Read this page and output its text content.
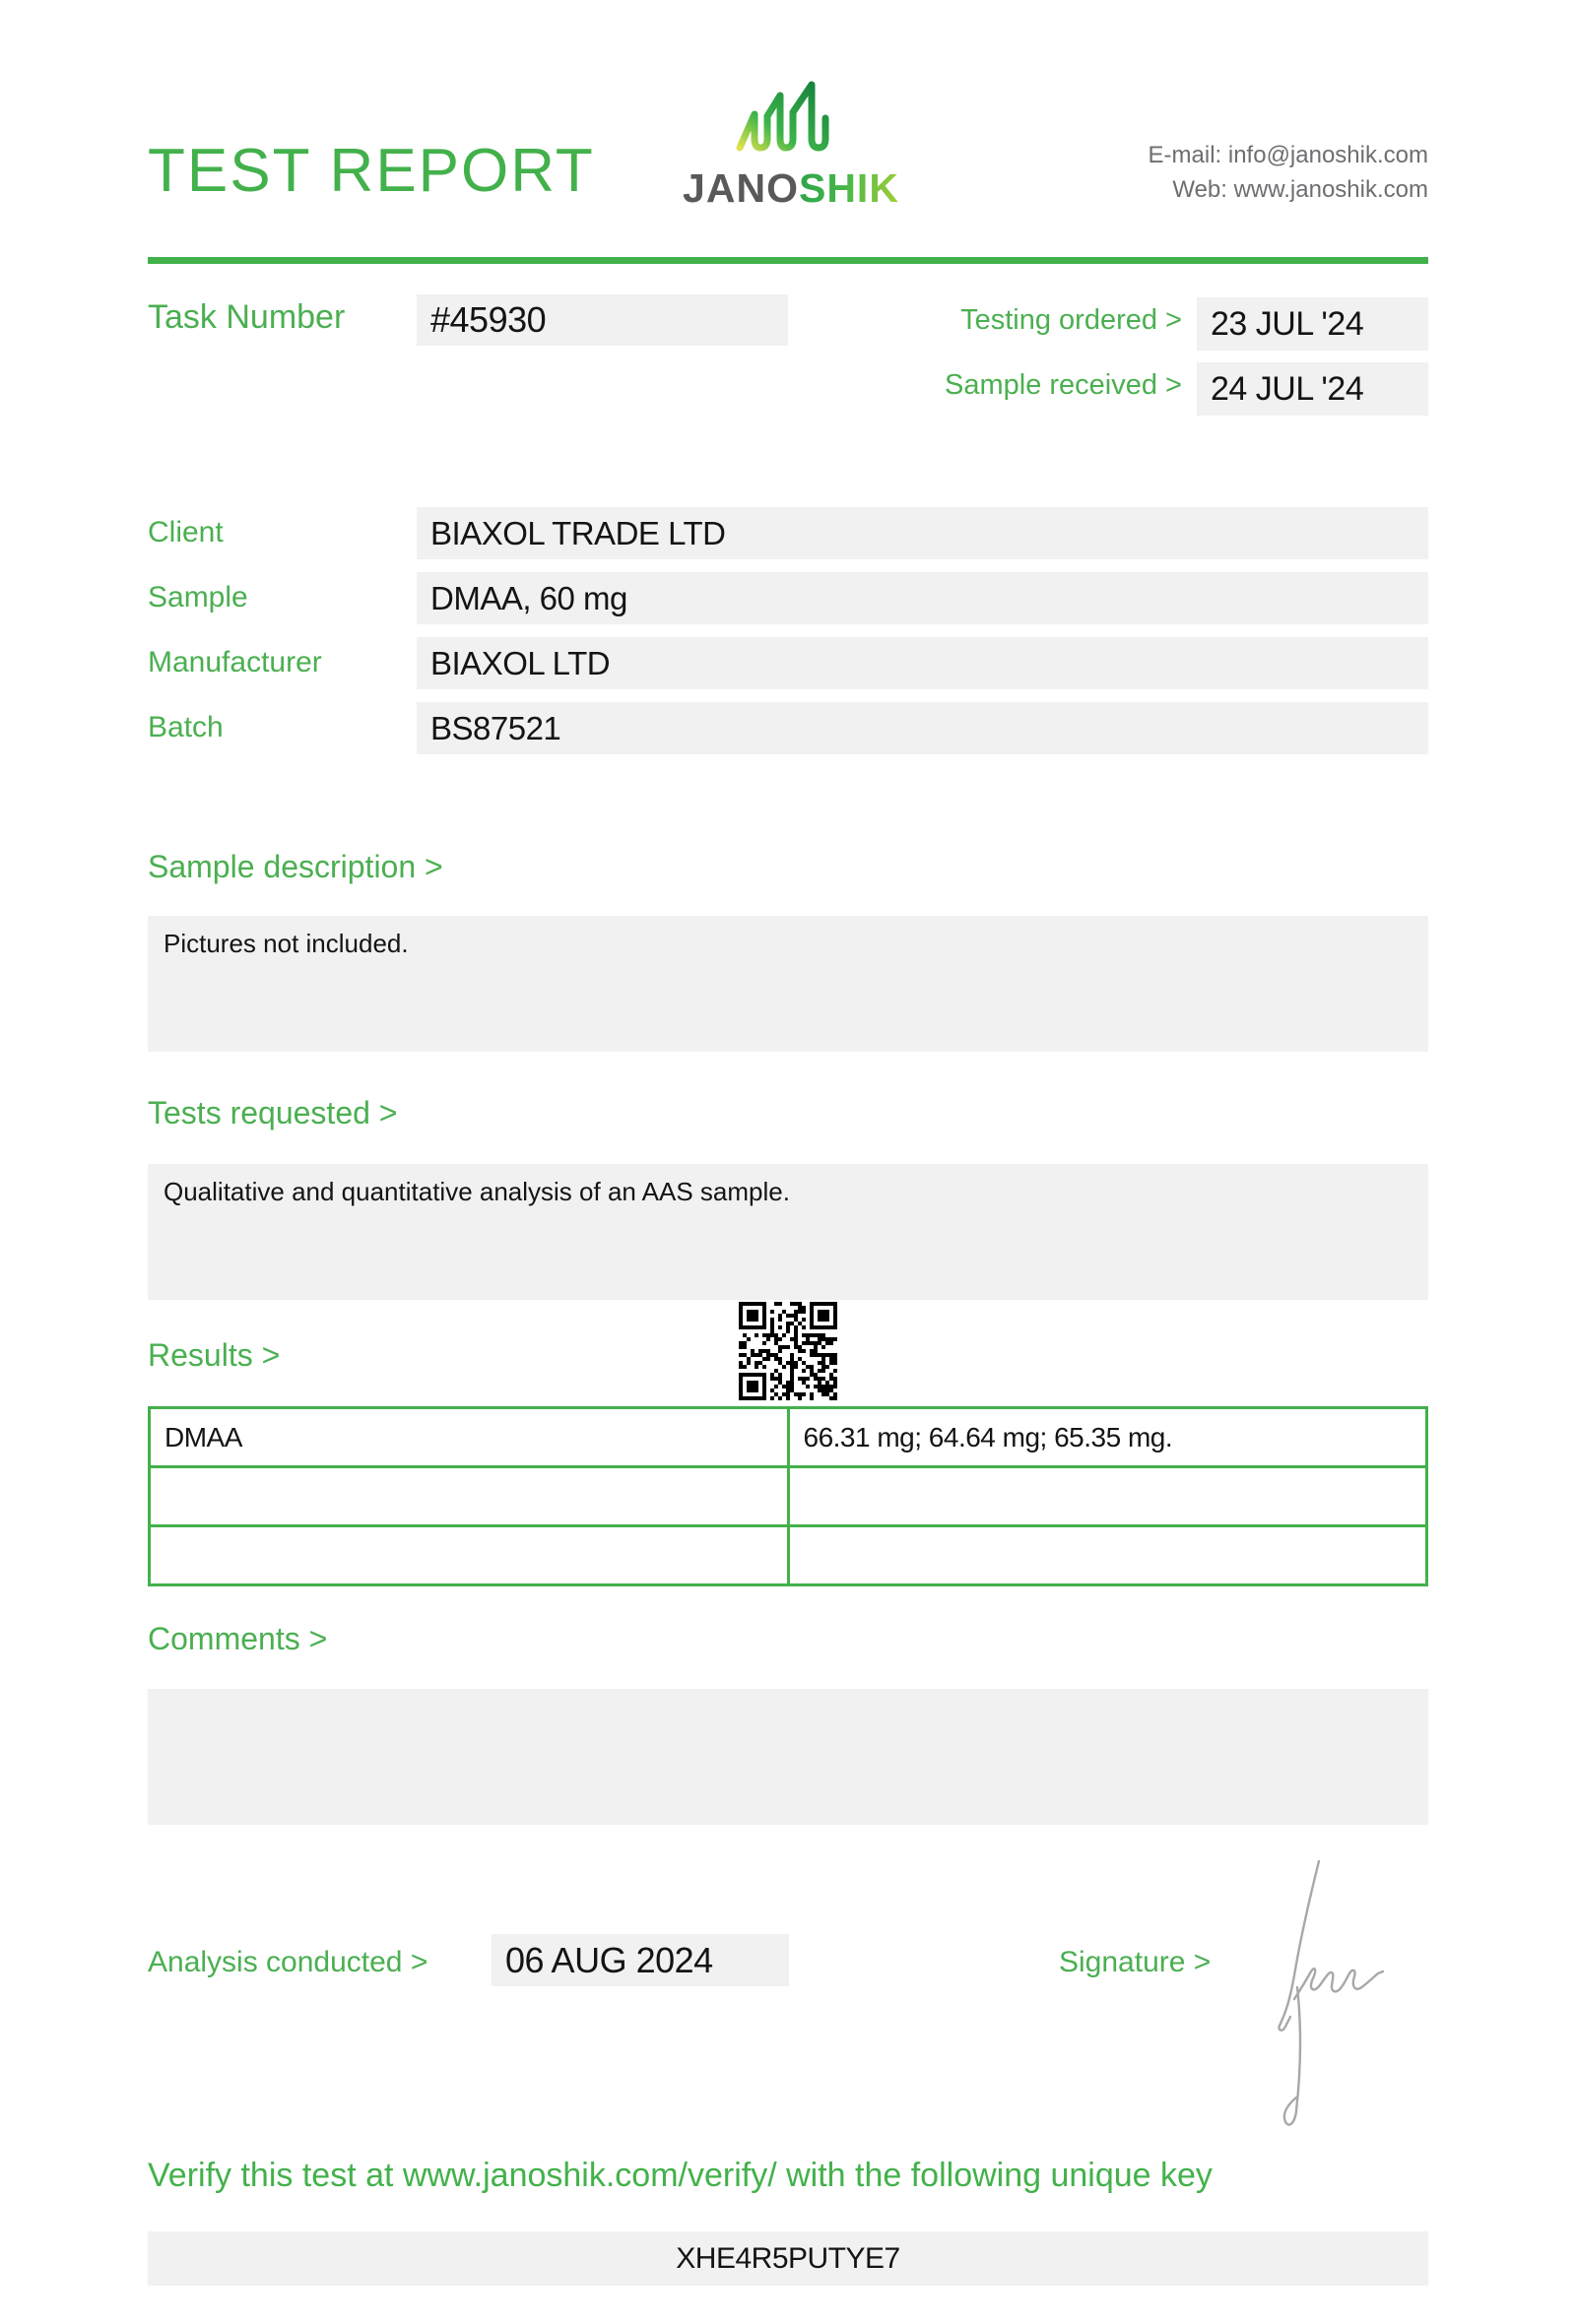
TEST REPORT JANOSHIK
E-mail: info@janoshik.com
Web: www.janoshik.com
Task Number #45930	Testing ordered > 23 JUL '24
Sample received > 24 JUL '24
Client	BIAXOL TRADE LTD
Sample	DMAA, 60 mg
Manufacturer	BIAXOL LTD
Batch	BS87521
Sample description >
Pictures not included.
Tests requested >
Qualitative and quantitative analysis of an AAS sample.
Results >
DMAA	66.31 mg; 64.64 mg; 65.35 mg.

Comments >
Analysis conducted > 06 AUG 2024	Signature >
Verify this test at www.janoshik.com/verify/ with the following unique key
XHE4R5PUTYE7
